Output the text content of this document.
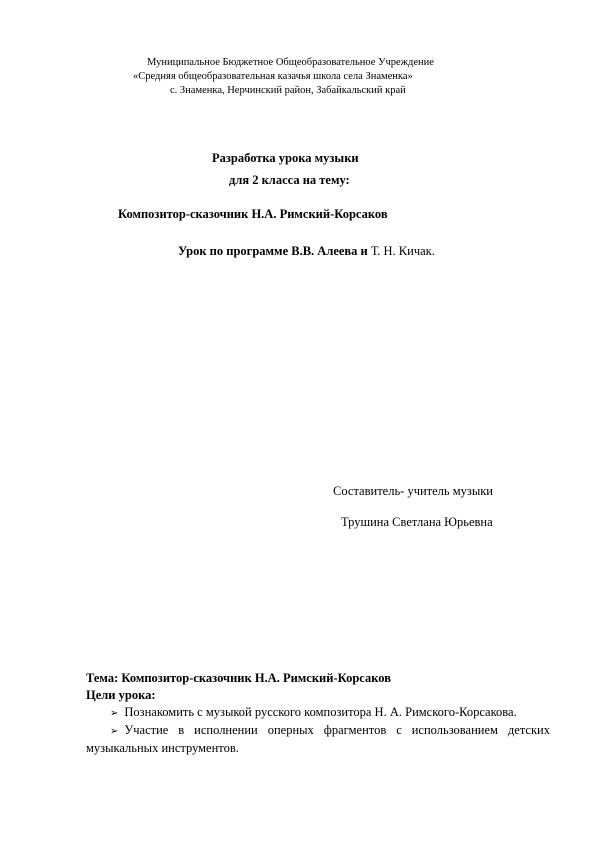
Муниципальное Бюджетное Общеобразовательное Учреждение
«Средняя общеобразовательная казачья школа села Знаменка»
с. Знаменка, Нерчинский район, Забайкальский край
Разработка урока музыки
для 2 класса на тему:
Композитор-сказочник Н.А. Римский-Корсаков
Урок по программе В.В. Алеева и Т. Н. Кичак.
Составитель- учитель музыки
Трушина Светлана Юрьевна
Тема: Композитор-сказочник Н.А. Римский-Корсаков
Цели урока:

➢ Познакомить с музыкой русского композитора Н. А. Римского-Корсакова.

➢ Участие в исполнении оперных фрагментов с использованием детских музыкальных инструментов.
